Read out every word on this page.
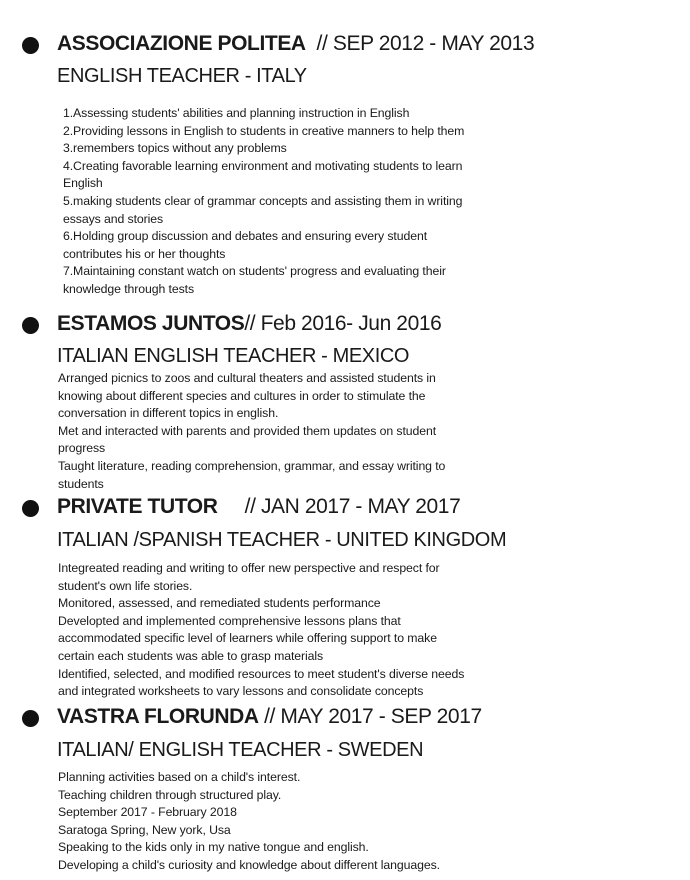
ASSOCIAZIONE POLITEA  // SEP 2012 - MAY 2013
ENGLISH TEACHER - ITALY
1.Assessing students' abilities and planning instruction in English
2.Providing lessons in English to students in creative manners to help them
3.remembers topics without any problems
4.Creating favorable learning environment and motivating students to learn
English
5.making students clear of grammar concepts and assisting them in writing
essays and stories
6.Holding group discussion and debates and ensuring every student
contributes his or her thoughts
7.Maintaining constant watch on students' progress and evaluating their
knowledge through tests
ESTAMOS JUNTOS// Feb 2016- Jun 2016
ITALIAN ENGLISH TEACHER - MEXICO
Arranged picnics to zoos and cultural theaters and assisted students in
knowing about different species and cultures in order to stimulate the
conversation in different topics in english.
Met and interacted with parents and provided them updates on student
progress
Taught literature, reading comprehension, grammar, and essay writing to
students
PRIVATE TUTOR     // JAN 2017 - MAY 2017
ITALIAN /SPANISH TEACHER - UNITED KINGDOM
Integreated reading and writing to offer new perspective and respect for
student's own life stories.
Monitored, assessed, and remediated students performance
Developted and implemented comprehensive lessons plans that
accommodated specific level of learners while offering support to make
certain each students was able to grasp materials
Identified, selected, and modified resources to meet student's diverse needs
and integrated worksheets to vary lessons and consolidate concepts
VASTRA FLORUNDA // MAY 2017 - SEP 2017
ITALIAN/ ENGLISH TEACHER - SWEDEN
Planning activities based on a child's interest.
Teaching children through structured play.
September 2017 - February 2018
Saratoga Spring, New york, Usa
Speaking to the kids only in my native tongue and english.
Developing a child's curiosity and knowledge about different languages.
